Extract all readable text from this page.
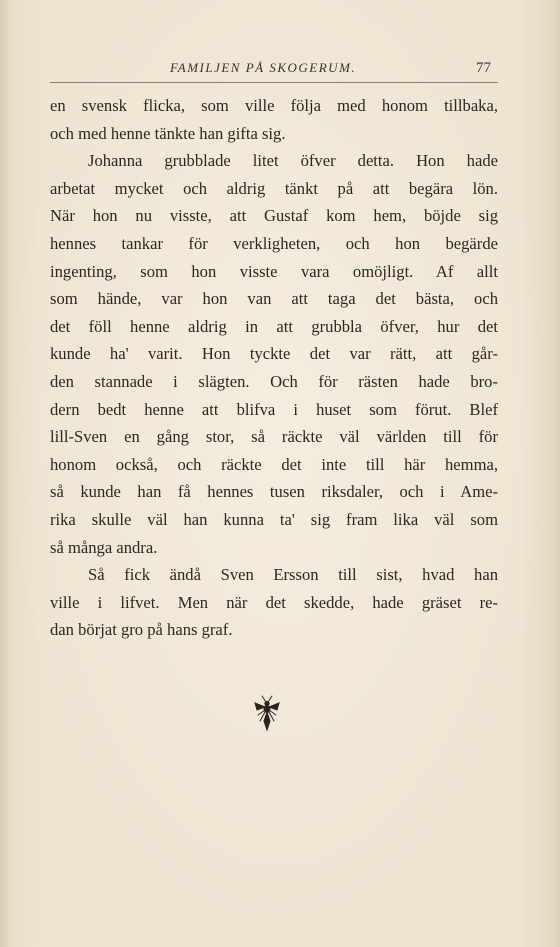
FAMILJEN PÅ SKOGERUM.	77
en svensk flicka, som ville följa med honom tillbaka,
och med henne tänkte han gifta sig.
Johanna grubblade litet öfver detta. Hon hade
arbetat mycket och aldrig tänkt på att begära lön.
När hon nu visste, att Gustaf kom hem, böjde sig
hennes tankar för verkligheten, och hon begärde
ingenting, som hon visste vara omöjligt. Af allt
som hände, var hon van att taga det bästa, och
det föll henne aldrig in att grubbla öfver, hur det
kunde ha' varit. Hon tyckte det var rätt, att går-
den stannade i slägten. Och för rästen hade bro-
dern bedt henne att blifva i huset som förut. Blef
lill-Sven en gång stor, så räckte väl världen till för
honom också, och räckte det inte till här hemma,
så kunde han få hennes tusen riksdaler, och i Ame-
rika skulle väl han kunna ta' sig fram lika väl som
så många andra.
Så fick ändå Sven Ersson till sist, hvad han
ville i lifvet. Men när det skedde, hade gräset re-
dan börjat gro på hans graf.
